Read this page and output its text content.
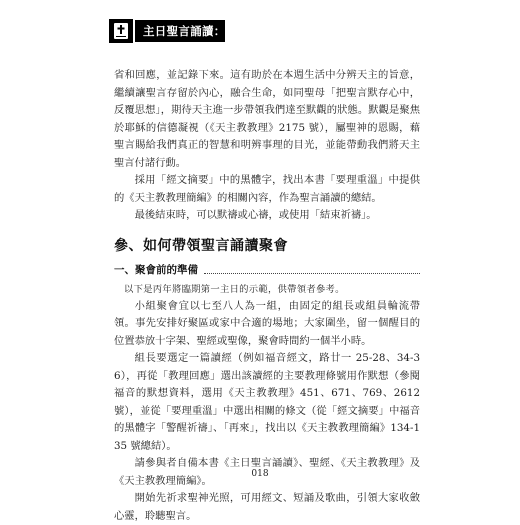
主日聖言誦讀：丙年

省和回應，並記錄下來。這有助於在本週生活中分辨天主的旨意，繼續讓聖言存留於內心，融合生命，如同聖母「把聖言默存心中，反覆思想」，期待天主進一步帶領我們達至默觀的狀態。默觀是聚焦於耶穌的信德凝視（《天主教教理》2175 號），屬聖神的恩賜，藉聖言賜給我們真正的智慧和明辨事理的目光，並能帶動我們將天主聖言付諸行動。

採用「經文摘要」中的黑體字，找出本書「要理重溫」中提供的《天主教教理簡編》的相關內容，作為聖言誦讀的總結。

最後結束時，可以默禱或心禱，或使用「結束祈禱」。

參、如何帶領聖言誦讀聚會
一、聚會前的準備

以下是丙年將臨期第一主日的示範，供帶領者參考。

小組聚會宜以七至八人為一組，由固定的組長或組員輪流帶領。事先安排好聚區或家中合適的場地；大家圍坐，留一個醒目的位置恭放十字架、聖經或聖像，聚會時間約一個半小時。

組長要選定一篇讀經（例如福音經文，路廿一 25-28、34-36），再從「教理回應」選出該讀經的主要教理條號用作默想（參閱福音的默想資料，選用《天主教教理》451、671、769、2612 號），並從「要理重溫」中選出相關的條文（從「經文摘要」中福音的黑體字「警醒祈禱」、「再來」，找出以《天主教教理簡編》134-135 號總結）。

請參與者自備本書《主日聖言誦讀》、聖經、《天主教教理》及《天主教教理簡編》。

開始先祈求聖神光照，可用經文、短誦及歌曲，引領大家收斂心靈，聆聽聖言。

018
